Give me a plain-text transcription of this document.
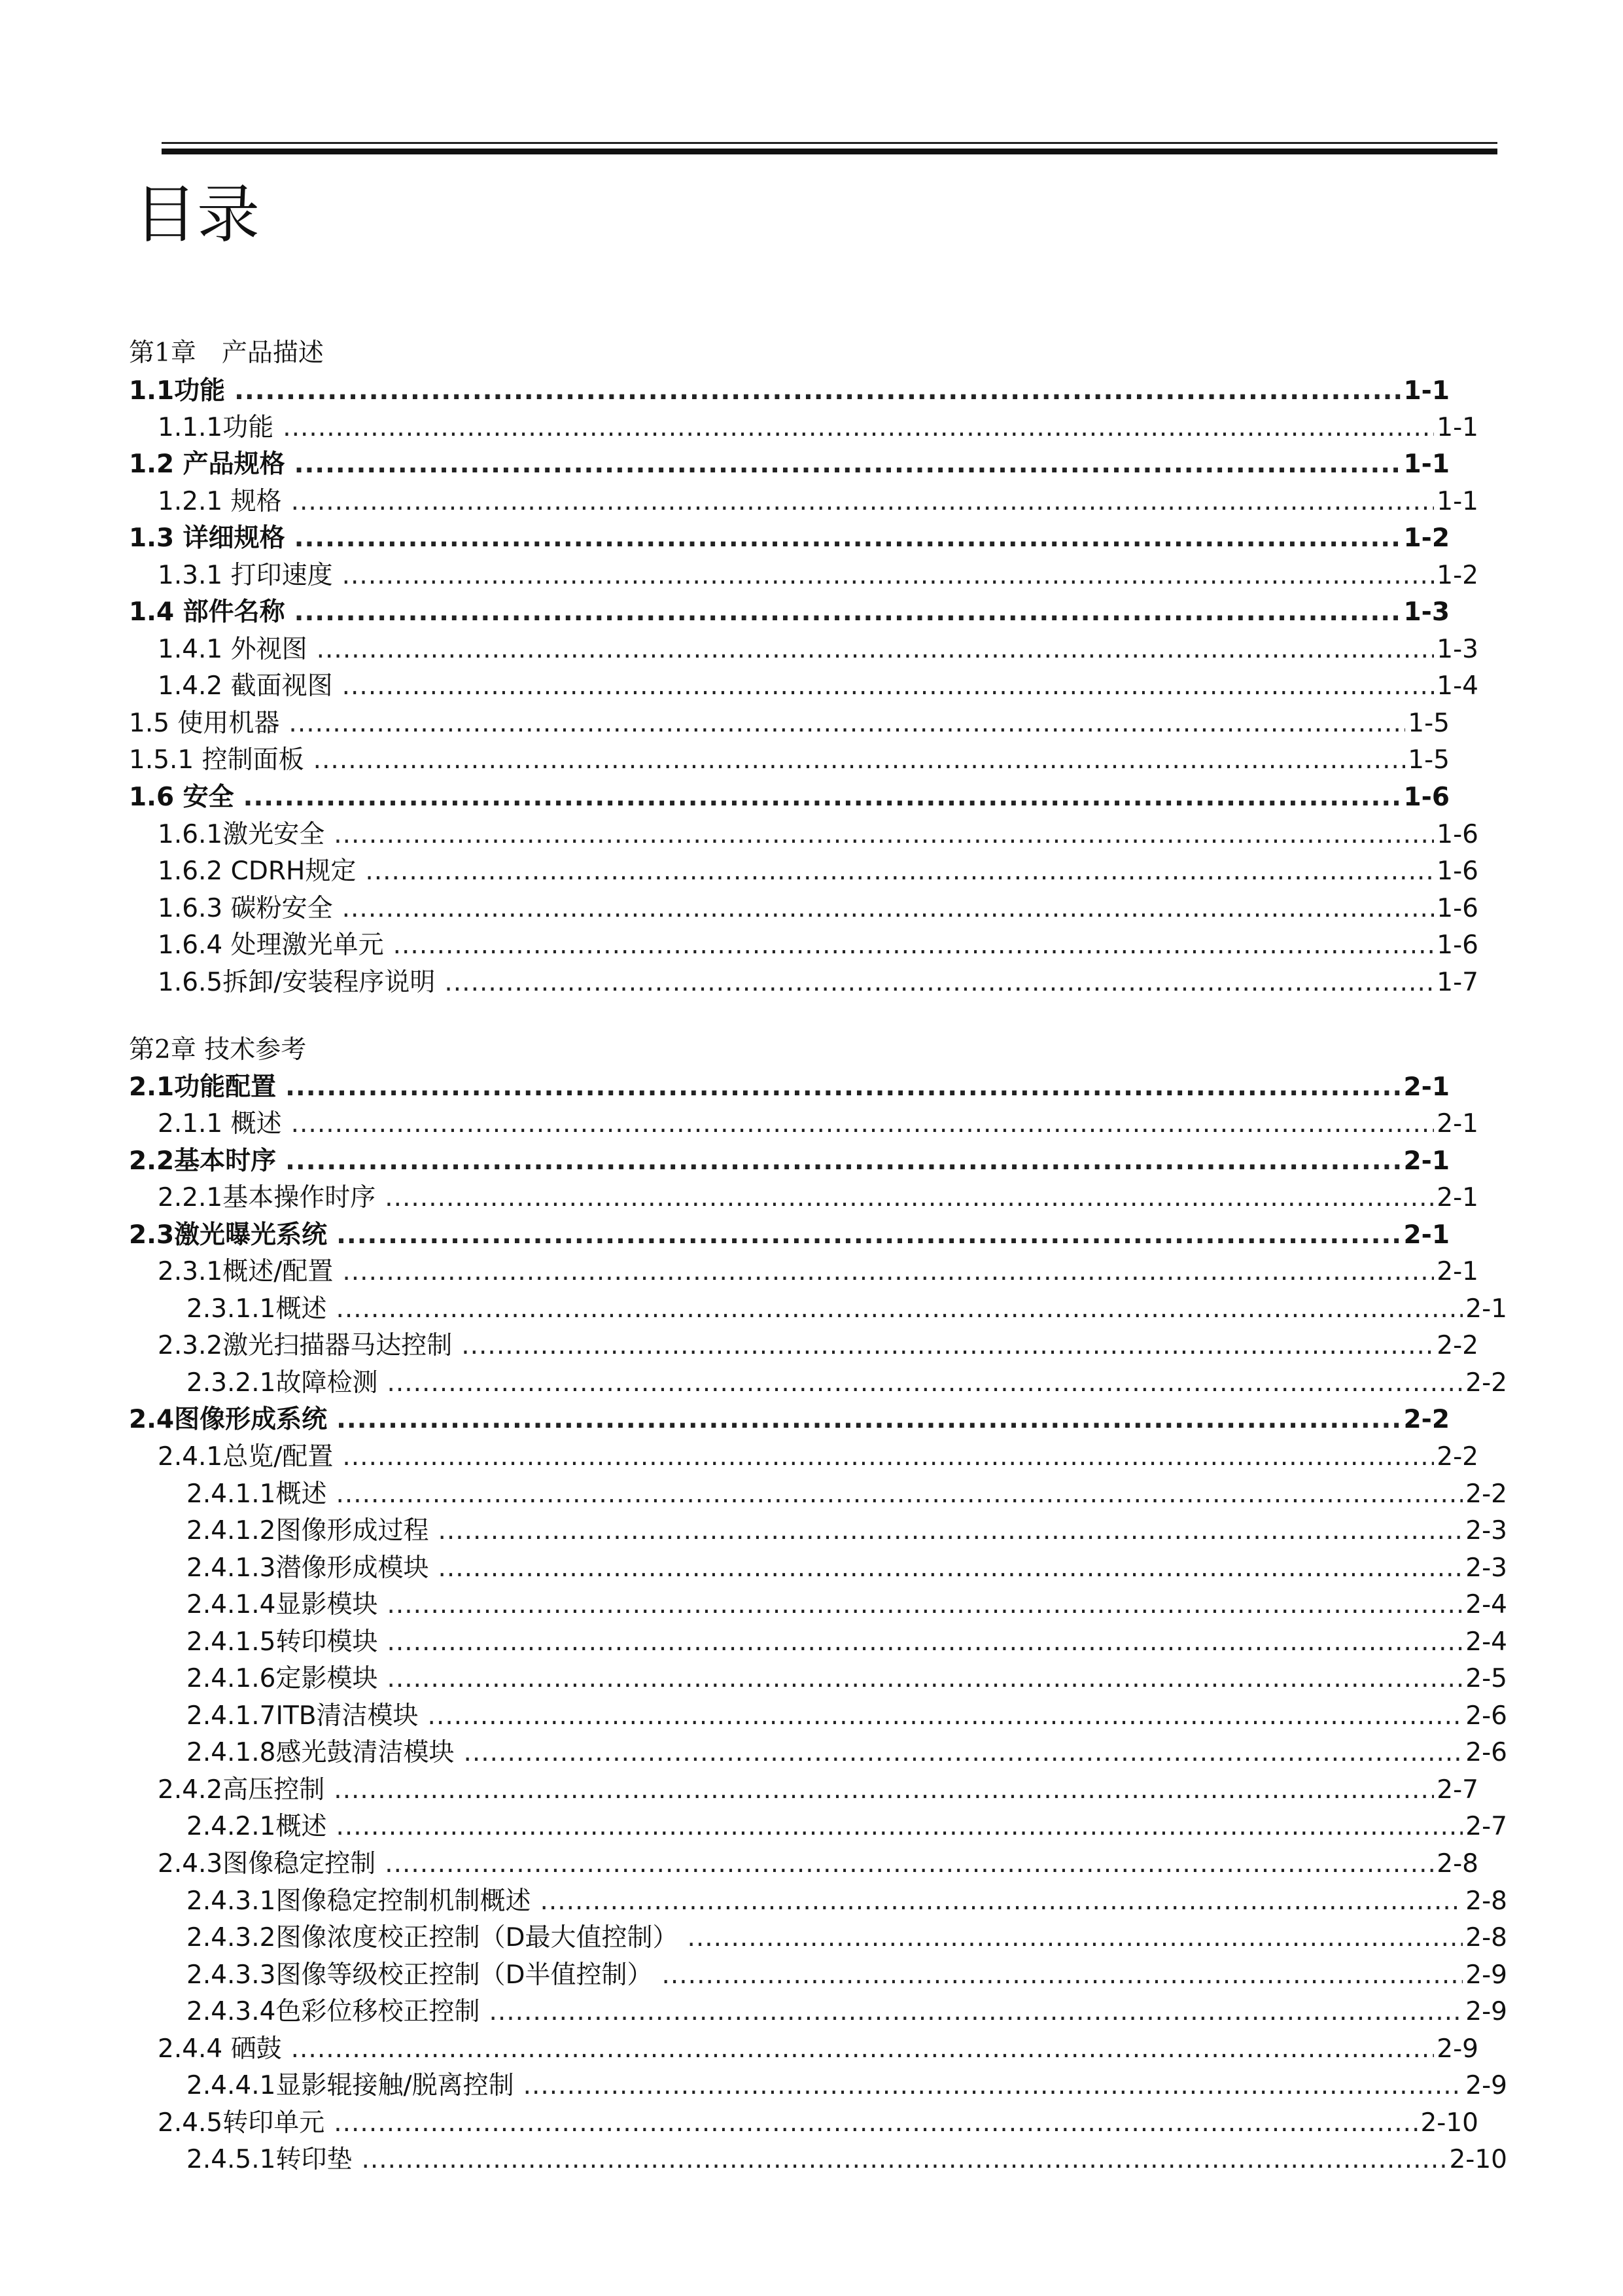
目录
第1章　产品描述
1.1功能 .....	1-1
1.1.1功能 .....	1-1
1.2 产品规格 .....	1-1
1.2.1 规格 .....	1-1
1.3 详细规格 .....	1-2
1.3.1 打印速度 .....	1-2
1.4 部件名称 .....	1-3
1.4.1 外视图 .....	1-3
1.4.2 截面视图 .....	1-4
1.5 使用机器 .....	1-5
1.5.1 控制面板 .....	1-5
1.6 安全 .....	1-6
1.6.1激光安全 .....	1-6
1.6.2 CDRH规定 .....	1-6
1.6.3 碳粉安全 .....	1-6
1.6.4 处理激光单元 .....	1-6
1.6.5拆卸/安装程序说明 .....	1-7
第2章 技术参考
2.1功能配置 .....	2-1
2.1.1 概述 .....	2-1
2.2基本时序 .....	2-1
2.2.1基本操作时序 .....	2-1
2.3激光曝光系统 .....	2-1
2.3.1概述/配置 .....	2-1
2.3.1.1概述 .....	2-1
2.3.2激光扫描器马达控制 .....	2-2
2.3.2.1故障检测 .....	2-2
2.4图像形成系统 .....	2-2
2.4.1总览/配置 .....	2-2
2.4.1.1概述 .....	2-2
2.4.1.2图像形成过程 .....	2-3
2.4.1.3潜像形成模块 .....	2-3
2.4.1.4显影模块 .....	2-4
2.4.1.5转印模块 .....	2-4
2.4.1.6定影模块 .....	2-5
2.4.1.7ITB清洁模块 .....	2-6
2.4.1.8感光鼓清洁模块 .....	2-6
2.4.2高压控制 .....	2-7
2.4.2.1概述 .....	2-7
2.4.3图像稳定控制 .....	2-8
2.4.3.1图像稳定控制机制概述 .....	2-8
2.4.3.2图像浓度校正控制（D最大值控制） .....	2-8
2.4.3.3图像等级校正控制（D半值控制） .....	2-9
2.4.3.4色彩位移校正控制 .....	2-9
2.4.4 硒鼓 .....	2-9
2.4.4.1显影辊接触/脱离控制 .....	2-9
2.4.5转印单元 .....	2-10
2.4.5.1转印垫 .....	2-10
